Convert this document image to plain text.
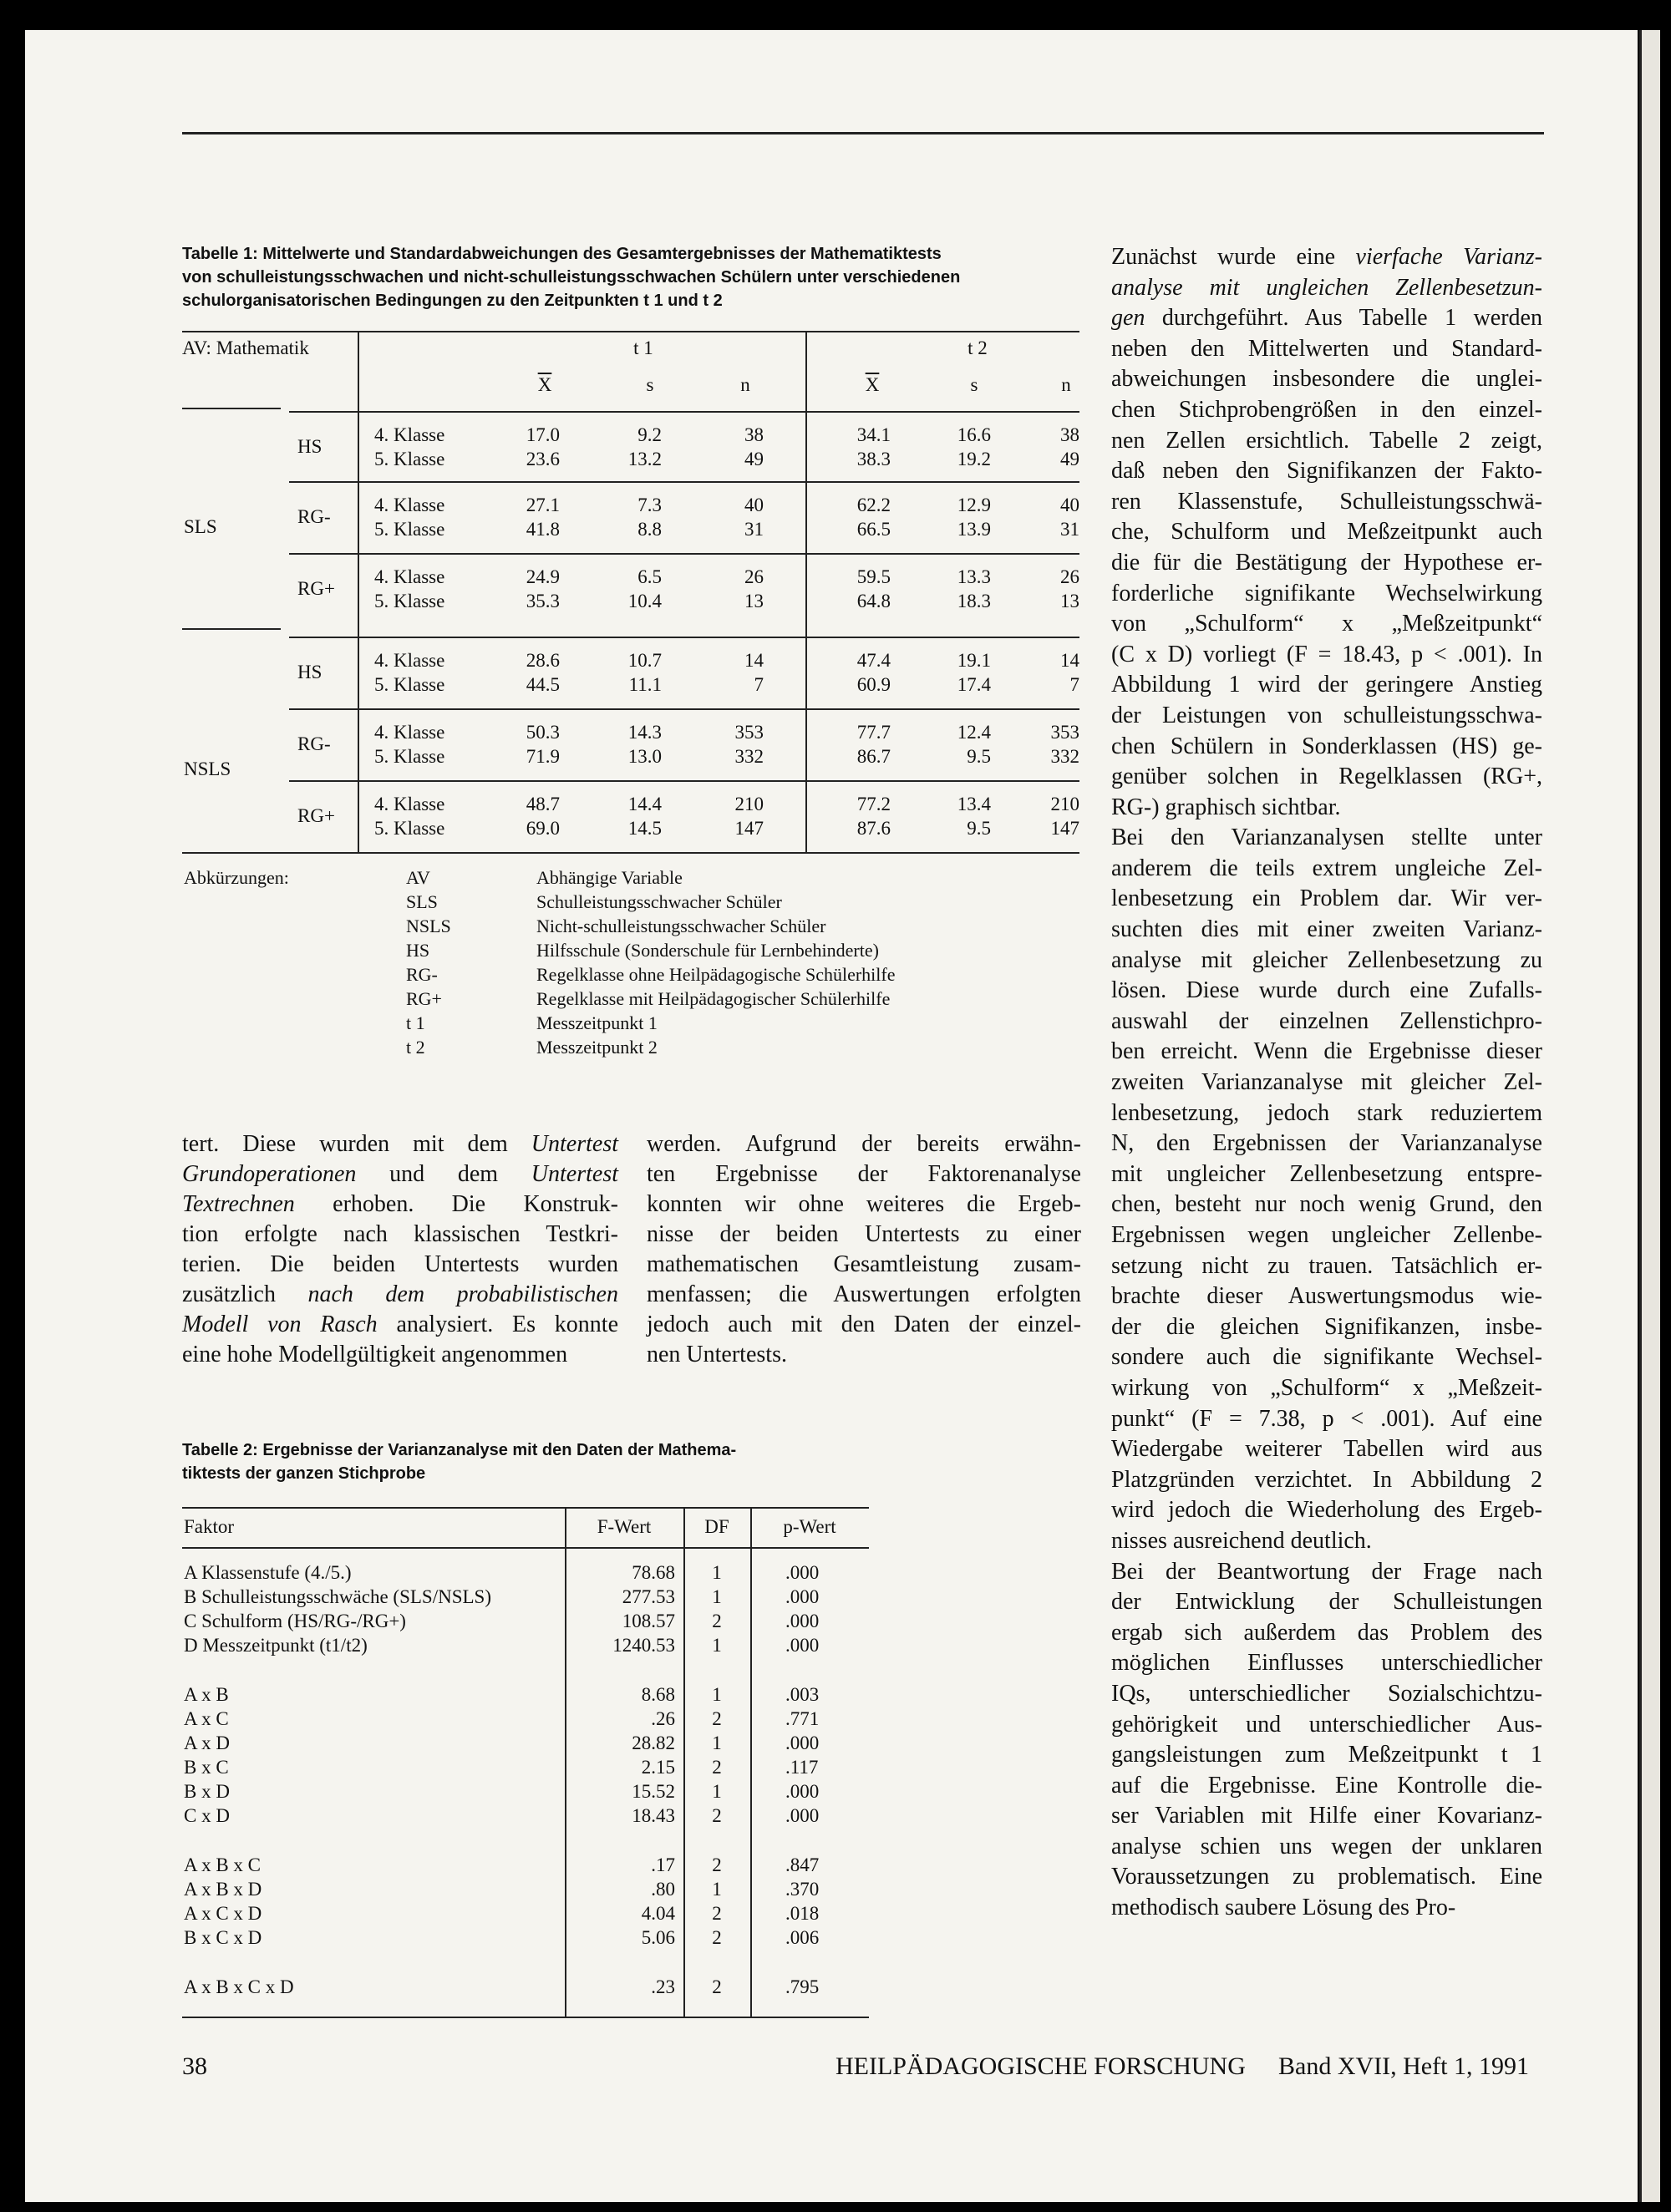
Tabelle 1: Mittelwerte und Standardabweichungen des Gesamtergebnisses der Mathematiktests
von schulleistungsschwachen und nicht-schulleistungsschwachen Schülern unter verschiedenen
schulorganisatorischen Bedingungen zu den Zeitpunkten t 1 und t 2
AV: Mathematik	t 1	t 2
$\overline{X}$	s	n	$\overline{X}$	s	n
SLS
HS
4. Klasse	17.0	9.2	38	34.1	16.6	38
5. Klasse	23.6	13.2	49	38.3	19.2	49
RG-
4. Klasse	27.1	7.3	40	62.2	12.9	40
5. Klasse	41.8	8.8	31	66.5	13.9	31
RG+
4. Klasse	24.9	6.5	26	59.5	13.3	26
5. Klasse	35.3	10.4	13	64.8	18.3	13
NSLS
HS
4. Klasse	28.6	10.7	14	47.4	19.1	14
5. Klasse	44.5	11.1	7	60.9	17.4	7
RG-
4. Klasse	50.3	14.3	353	77.7	12.4	353
5. Klasse	71.9	13.0	332	86.7	9.5	332
RG+
4. Klasse	48.7	14.4	210	77.2	13.4	210
5. Klasse	69.0	14.5	147	87.6	9.5	147
Abkürzungen:	AV	Abhängige Variable
SLS	Schulleistungsschwacher Schüler
NSLS	Nicht-schulleistungsschwacher Schüler
HS	Hilfsschule (Sonderschule für Lernbehinderte)
RG-	Regelklasse ohne Heilpädagogische Schülerhilfe
RG+	Regelklasse mit Heilpädagogischer Schülerhilfe
t 1	Messzeitpunkt 1
t 2	Messzeitpunkt 2
tert. Diese wurden mit dem Untertest
Grundoperationen und dem Untertest
Textrechnen erhoben. Die Konstruk-
tion erfolgte nach klassischen Testkri-
terien. Die beiden Untertests wurden
zusätzlich nach dem probabilistischen
Modell von Rasch analysiert. Es konnte
eine hohe Modellgültigkeit angenommen
werden. Aufgrund der bereits erwähn-
ten Ergebnisse der Faktorenanalyse
konnten wir ohne weiteres die Ergeb-
nisse der beiden Untertests zu einer
mathematischen Gesamtleistung zusam-
menfassen; die Auswertungen erfolgten
jedoch auch mit den Daten der einzel-
nen Untertests.
Zunächst wurde eine vierfache Varianz-
analyse mit ungleichen Zellenbesetzun-
gen durchgeführt. Aus Tabelle 1 werden
neben den Mittelwerten und Standard-
abweichungen insbesondere die unglei-
chen Stichprobengrößen in den einzel-
nen Zellen ersichtlich. Tabelle 2 zeigt,
daß neben den Signifikanzen der Fakto-
ren Klassenstufe, Schulleistungsschwä-
che, Schulform und Meßzeitpunkt auch
die für die Bestätigung der Hypothese er-
forderliche signifikante Wechselwirkung
von „Schulform“ x „Meßzeitpunkt“
(C x D) vorliegt (F = 18.43, p < .001). In
Abbildung 1 wird der geringere Anstieg
der Leistungen von schulleistungsschwa-
chen Schülern in Sonderklassen (HS) ge-
genüber solchen in Regelklassen (RG+,
RG-) graphisch sichtbar.
Bei den Varianzanalysen stellte unter
anderem die teils extrem ungleiche Zel-
lenbesetzung ein Problem dar. Wir ver-
suchten dies mit einer zweiten Varianz-
analyse mit gleicher Zellenbesetzung zu
lösen. Diese wurde durch eine Zufalls-
auswahl der einzelnen Zellenstichpro-
ben erreicht. Wenn die Ergebnisse dieser
zweiten Varianzanalyse mit gleicher Zel-
lenbesetzung, jedoch stark reduziertem
N, den Ergebnissen der Varianzanalyse
mit ungleicher Zellenbesetzung entspre-
chen, besteht nur noch wenig Grund, den
Ergebnissen wegen ungleicher Zellenbe-
setzung nicht zu trauen. Tatsächlich er-
brachte dieser Auswertungsmodus wie-
der die gleichen Signifikanzen, insbe-
sondere auch die signifikante Wechsel-
wirkung von „Schulform“ x „Meßzeit-
punkt“ (F = 7.38, p < .001). Auf eine
Wiedergabe weiterer Tabellen wird aus
Platzgründen verzichtet. In Abbildung 2
wird jedoch die Wiederholung des Ergeb-
nisses ausreichend deutlich.
Bei der Beantwortung der Frage nach
der Entwicklung der Schulleistungen
ergab sich außerdem das Problem des
möglichen Einflusses unterschiedlicher
IQs, unterschiedlicher Sozialschichtzu-
gehörigkeit und unterschiedlicher Aus-
gangsleistungen zum Meßzeitpunkt t 1
auf die Ergebnisse. Eine Kontrolle die-
ser Variablen mit Hilfe einer Kovarianz-
analyse schien uns wegen der unklaren
Voraussetzungen zu problematisch. Eine
methodisch saubere Lösung des Pro-
Tabelle 2: Ergebnisse der Varianzanalyse mit den Daten der Mathema-
tiktests der ganzen Stichprobe
Faktor	F-Wert	DF	p-Wert
A Klassenstufe (4./5.)	78.68	1	.000
B Schulleistungsschwäche (SLS/NSLS)	277.53	1	.000
C Schulform (HS/RG-/RG+)	108.57	2	.000
D Messzeitpunkt (t1/t2)	1240.53	1	.000
A x B	8.68	1	.003
A x C	.26	2	.771
A x D	28.82	1	.000
B x C	2.15	2	.117
B x D	15.52	1	.000
C x D	18.43	2	.000
A x B x C	.17	2	.847
A x B x D	.80	1	.370
A x C x D	4.04	2	.018
B x C x D	5.06	2	.006
A x B x C x D	.23	2	.795
38	HEILPÄDAGOGISCHE FORSCHUNG Band XVII, Heft 1, 1991
